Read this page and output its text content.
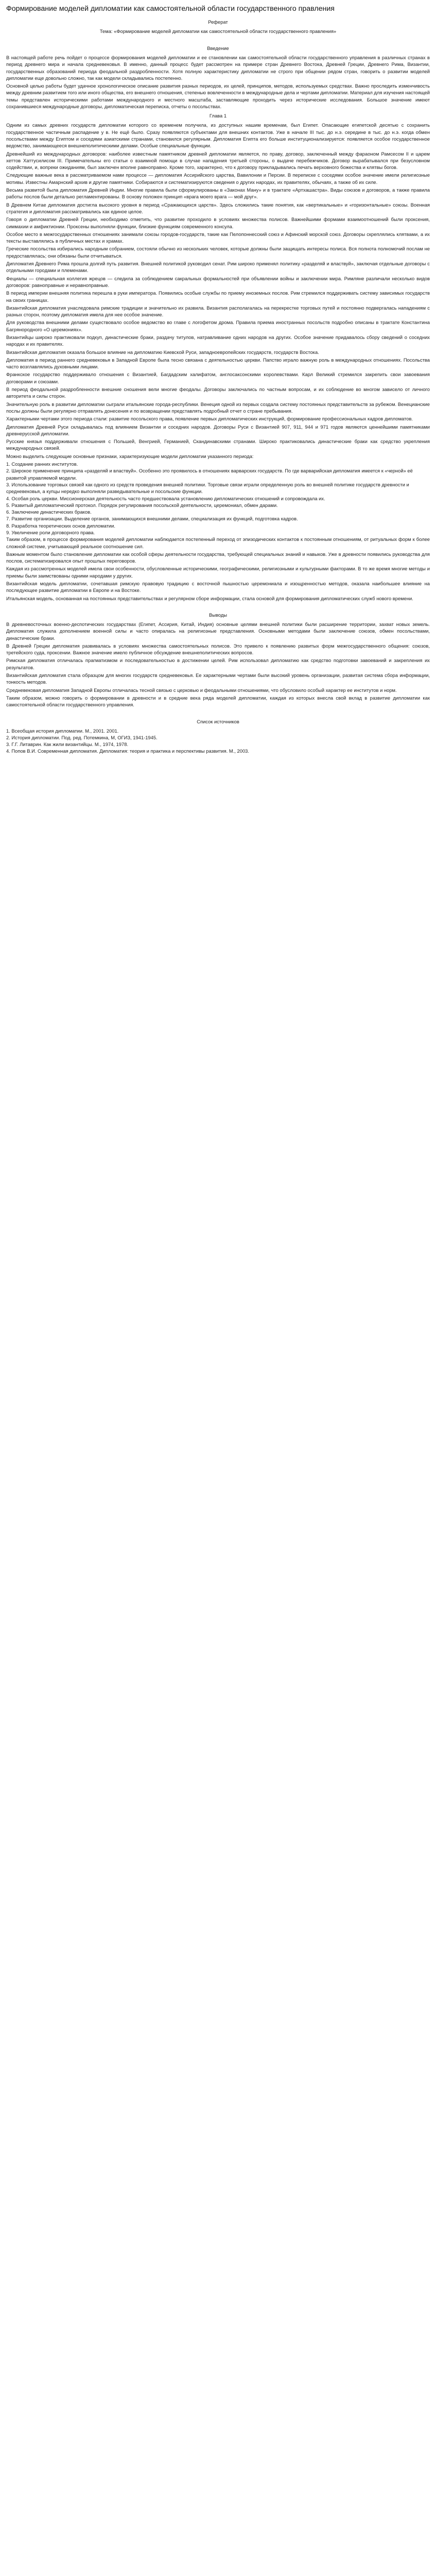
Формирование моделей дипломатии как самостоятельной области государственного правления
Реферат
Тема: «Формирование моделей дипломатии как самостоятельной области государственного правления»
Введение

В настоящей работе речь пойдет о процессе формирования моделей дипломатии и ее становлении как самостоятельной области государственного управления в различных странах в период древнего мира и начала средневековья. В именно, данный процесс будет рассмотрен на примере стран Древнего Востока, Древней Греции, Древнего Рима, Византии, государственных образований периода феодальной раздробленности. Хотя полную характеристику дипломатии не строго при общении рядом стран, говорить о развитии моделей дипломатии еще довольно сложно, так как модели складывались постепенно.

Основной целью работы будет удачное хронологическое описание развития разных периодов, их целей, принципов, методов, используемых средствах. Важно проследить изменчивость между древним развитием того или иного общества, его внешнего отношения, степенью вовлеченности в международные дела и чертами дипломатии. Материал для изучения настоящей темы представлен историческими работами международного и местного масштаба, заставляющие проходить через исторические исследования. Большое значение имеют сохранившиеся международные договоры, дипломатическая переписка, отчеты о посольствах.

Глава 1

Одним из самых древних государств дипломатии которого со временем получила, из доступных нашим временам, был Египет. Опасающие египетской десятью с сохранить государственное частичным распадение у в. Не ещё было. Сразу появляются субъектами для внешних контактов. Уже в начале III тыс. до н.э. середине в тыс. до н.э. когда обмен посольствами между Египтом и соседями азиатскими странами, становился регулярным. Дипломатия Египта его больше институционализируется: появляется особое государственное ведомство, занимающееся внешнеполитическими делами. Особые специальные функции.

Древнейший из международных договоров: наиболее известным памятником древней дипломатии является, по праву, договор, заключенный между фараоном Рамсесом II и царем хеттов Хаттусилисом III. Примечательны его статьи о взаимной помощи в случае нападения третьей стороны, о выдаче перебежчиков. Договор вырабатывался при безусловном содействии, и, вопреки ожиданиям, был заключен вполне равноправно. Кроме того, характерно, что к договору прикладывались печать верховного божества и клятвы богов.

Следующие важные века в рассматриваемом нами процессе — дипломатия Ассирийского царства, Вавилонии и Персии. В переписке с соседями особое значение имели религиозные мотивы. Известны Амарнский архив и другие памятники. Собираются и систематизируются сведения о других народах, их правителях, обычаях, а также об их силе.

Весьма развитой была дипломатия Древней Индии. Многие правила были сформулированы в «Законах Ману» и в трактате «Артхашастра». Виды союзов и договоров, а также правила работы послов были детально регламентированы. В основу положен принцип «врага моего врага — мой друг».

В Древнем Китае дипломатия достигла высокого уровня в период «Сражающихся царств». Здесь сложились такие понятия, как «вертикальные» и «горизонтальные» союзы. Военная стратегия и дипломатия рассматривались как единое целое.

Говоря о дипломатии Древней Греции, необходимо отметить, что развитие проходило в условиях множества полисов. Важнейшими формами взаимоотношений были проксения, симмахии и амфиктионии. Проксены выполняли функции, близкие функциям современного консула.

Особое место в межгосударственных отношениях занимали союзы городов-государств, такие как Пелопоннесский союз и Афинский морской союз. Договоры скреплялись клятвами, а их тексты выставлялись в публичных местах и храмах.

Греческие посольства избирались народным собранием, состояли обычно из нескольких человек, которые должны были защищать интересы полиса. Вся полнота полномочий послам не предоставлялась; они обязаны были отчитываться.

Дипломатия Древнего Рима прошла долгий путь развития. Внешней политикой руководил сенат. Рим широко применял политику «разделяй и властвуй», заключая отдельные договоры с отдельными городами и племенами.

Фециалы — специальная коллегия жрецов — следила за соблюдением сакральных формальностей при объявлении войны и заключении мира. Римляне различали несколько видов договоров: равноправные и неравноправные.

В период империи внешняя политика перешла в руки императора. Появились особые службы по приему иноземных послов. Рим стремился поддерживать систему зависимых государств на своих границах.

Византийская дипломатия унаследовала римские традиции и значительно их развила. Византия располагалась на перекрестке торговых путей и постоянно подвергалась нападениям с разных сторон, поэтому дипломатия имела для нее особое значение.

Для руководства внешними делами существовало особое ведомство во главе с логофетом дрома. Правила приема иностранных посольств подробно описаны в трактате Константина Багрянородного «О церемониях».

Византийцы широко практиковали подкуп, династические браки, раздачу титулов, натравливание одних народов на других. Особое значение придавалось сбору сведений о соседних народах и их правителях.

Византийская дипломатия оказала большое влияние на дипломатию Киевской Руси, западноевропейских государств, государств Востока.

Дипломатия в период раннего средневековья в Западной Европе была тесно связана с деятельностью церкви. Папство играло важную роль в международных отношениях. Посольства часто возглавлялись духовными лицами.

Франкское государство поддерживало отношения с Византией, Багдадским халифатом, англосаксонскими королевствами. Карл Великий стремился закрепить свои завоевания договорами и союзами.

В период феодальной раздробленности внешние сношения вели многие феодалы. Договоры заключались по частным вопросам, и их соблюдение во многом зависело от личного авторитета и силы сторон.

Значительную роль в развитии дипломатии сыграли итальянские города-республики. Венеция одной из первых создала систему постоянных представительств за рубежом. Венецианские послы должны были регулярно отправлять донесения и по возвращении представлять подробный отчет о стране пребывания.

Характерными чертами этого периода стали: развитие посольского права, появление первых дипломатических инструкций, формирование профессиональных кадров дипломатов.

Дипломатия Древней Руси складывалась под влиянием Византии и соседних народов. Договоры Руси с Византией 907, 911, 944 и 971 годов являются ценнейшими памятниками древнерусской дипломатии.

Русские князья поддерживали отношения с Польшей, Венгрией, Германией, Скандинавскими странами. Широко практиковались династические браки как средство укрепления международных связей.

Можно выделить следующие основные признаки, характеризующие модели дипломатии указанного периода:

1. Создание ранних институтов.

2. Широкое применение принципа «разделяй и властвуй». Особенно это проявилось в отношениях варварских государств. По где варварийская дипломатия имеется к «черной» её развитой управляемой модели.

3. Использование торговых связей как одного из средств проведения внешней политики. Торговые связи играли определенную роль во внешней политике государств древности и средневековья, а купцы нередко выполняли разведывательные и посольские функции.

4. Особая роль церкви. Миссионерская деятельность часто предшествовала установлению дипломатических отношений и сопровождала их.

5. Развитый дипломатический протокол. Порядок регулирования посольской деятельности, церемониал, обмен дарами.

6. Заключение династических браков.

7. Развитие организации. Выделение органов, занимающихся внешними делами, специализация их функций, подготовка кадров.

8. Разработка теоретических основ дипломатии.

9. Увеличение роли договорного права.

Таким образом, в процессе формирования моделей дипломатии наблюдается постепенный переход от эпизодических контактов к постоянным отношениям, от ритуальных форм к более сложной системе, учитывающей реальное соотношение сил.

Важным моментом было становление дипломатии как особой сферы деятельности государства, требующей специальных знаний и навыков. Уже в древности появились руководства для послов, систематизировался опыт прошлых переговоров.

Каждая из рассмотренных моделей имела свои особенности, обусловленные историческими, географическими, религиозными и культурными факторами. В то же время многие методы и приемы были заимствованы одними народами у других.

Византийская модель дипломатии, сочетавшая римскую правовую традицию с восточной пышностью церемониала и изощренностью методов, оказала наибольшее влияние на последующее развитие дипломатии в Европе и на Востоке.

Итальянская модель, основанная на постоянных представительствах и регулярном сборе информации, стала основой для формирования дипломатических служб нового времени.

Выводы

В древневосточных военно-деспотических государствах (Египет, Ассирия, Китай, Индия) основные целями внешней политики были расширение территории, захват новых земель. Дипломатия служила дополнением военной силы и часто опиралась на религиозные представления. Основными методами были заключение союзов, обмен посольствами, династические браки.

В Древней Греции дипломатия развивалась в условиях множества самостоятельных полисов. Это привело к появлению развитых форм межгосударственного общения: союзов, третейского суда, проксении. Важное значение имело публичное обсуждение внешнеполитических вопросов.

Римская дипломатия отличалась прагматизмом и последовательностью в достижении целей. Рим использовал дипломатию как средство подготовки завоеваний и закрепления их результатов.

Византийская дипломатия стала образцом для многих государств средневековья. Ее характерными чертами были высокий уровень организации, развитая система сбора информации, тонкость методов.

Средневековая дипломатия Западной Европы отличалась тесной связью с церковью и феодальными отношениями, что обусловило особый характер ее институтов и норм.

Таким образом, можно говорить о формировании в древности и в средние века ряда моделей дипломатии, каждая из которых внесла свой вклад в развитие дипломатии как самостоятельной области государственного управления.

Список источников

1. Всеобщая история дипломатии. М., 2001. 2001.

2. История дипломатии. Под. ред. Потемкина, М, ОГИЗ, 1941-1945.

3. Г.Г. Литаврин. Как жили византийцы. М., 1974, 1978.

4. Попов В.И. Современная дипломатия. Дипломатия: теория и практика и перспективы развития. М., 2003.
